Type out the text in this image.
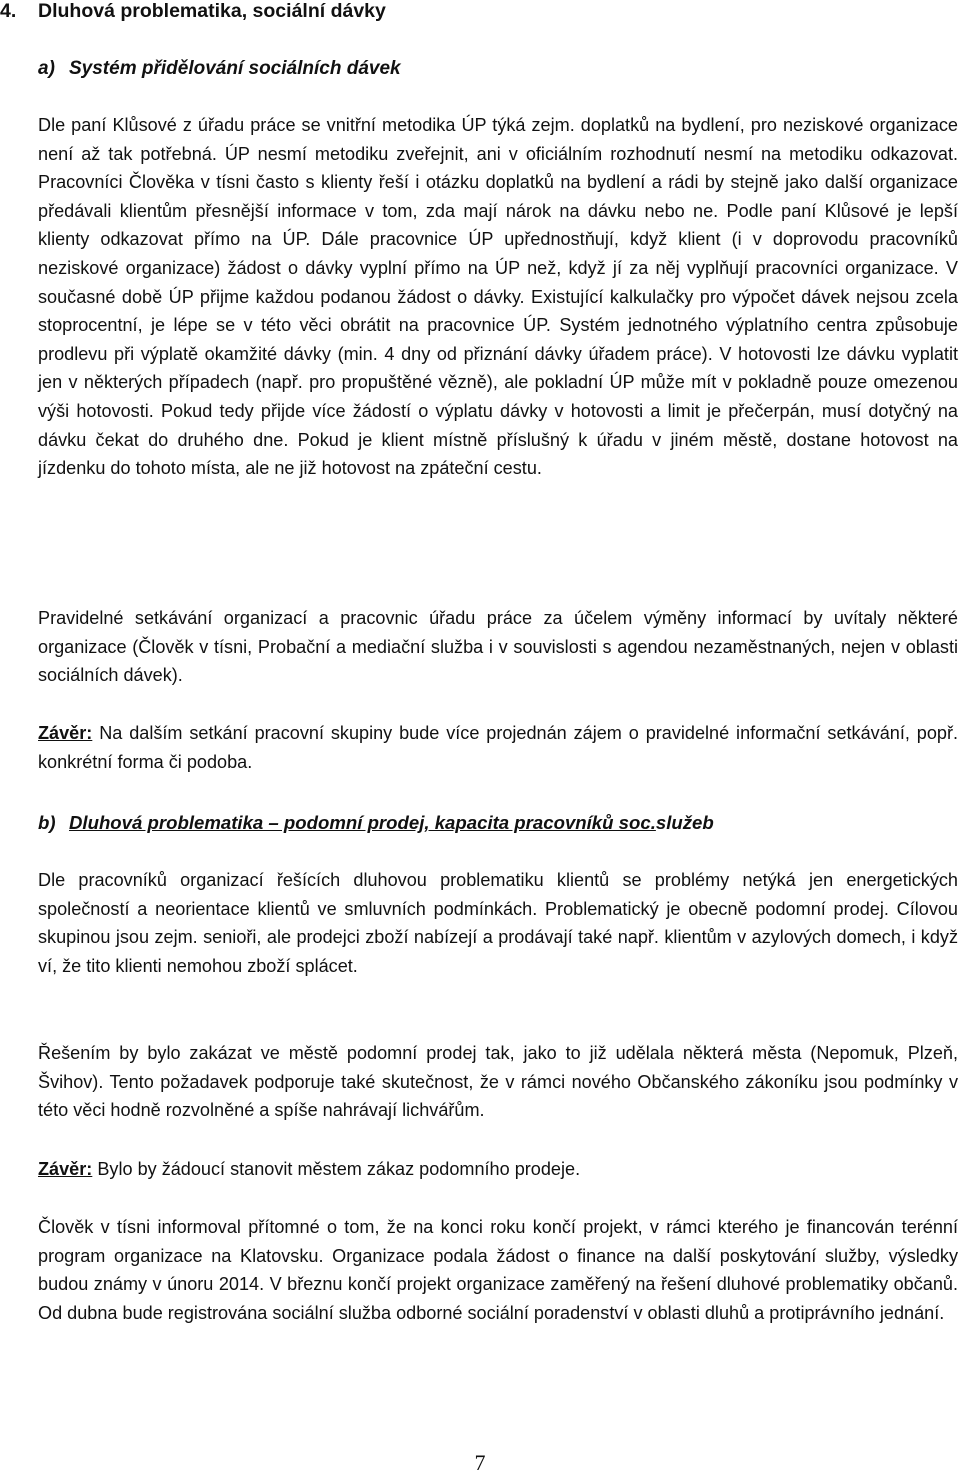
4. Dluhová problematika, sociální dávky
a) Systém přidělování sociálních dávek

Dle paní Klůsové z úřadu práce se vnitřní metodika ÚP týká zejm. doplatků na bydlení, pro neziskové organizace není až tak potřebná. ÚP nesmí metodiku zveřejnit, ani v oficiálním rozhodnutí nesmí na metodiku odkazovat. Pracovníci Člověka v tísni často s klienty řeší i otázku doplatků na bydlení a rádi by stejně jako další organizace předávali klientům přesnější informace v tom, zda mají nárok na dávku nebo ne. Podle paní Klůsové je lepší klienty odkazovat přímo na ÚP. Dále pracovnice ÚP upřednostňují, když klient (i v doprovodu pracovníků neziskové organizace) žádost o dávky vyplní přímo na ÚP než, když jí za něj vyplňují pracovníci organizace. V současné době ÚP přijme každou podanou žádost o dávky. Existující kalkulačky pro výpočet dávek nejsou zcela stoprocentní, je lépe se v této věci obrátit na pracovnice ÚP. Systém jednotného výplatního centra způsobuje prodlevu při výplatě okamžité dávky (min. 4 dny od přiznání dávky úřadem práce). V hotovosti lze dávku vyplatit jen v některých případech (např. pro propuštěné vězně), ale pokladní ÚP může mít v pokladně pouze omezenou výši hotovosti. Pokud tedy přijde více žádostí o výplatu dávky v hotovosti a limit je přečerpán, musí dotyčný na dávku čekat do druhého dne. Pokud je klient místně příslušný k úřadu v jiném městě, dostane hotovost na jízdenku do tohoto místa, ale ne již hotovost na zpáteční cestu.

Pravidelné setkávání organizací a pracovnic úřadu práce za účelem výměny informací by uvítaly některé organizace (Člověk v tísni, Probační a mediační služba i v souvislosti s agendou nezaměstnaných, nejen v oblasti sociálních dávek).

Závěr: Na dalším setkání pracovní skupiny bude více projednán zájem o pravidelné informační setkávání, popř. konkrétní forma či podoba.

b) Dluhová problematika – podomní prodej, kapacita pracovníků soc.služeb

Dle pracovníků organizací řešících dluhovou problematiku klientů se problémy netýká jen energetických společností a neorientace klientů ve smluvních podmínkách. Problematický je obecně podomní prodej. Cílovou skupinou jsou zejm. senioři, ale prodejci zboží nabízejí a prodávají také např. klientům v azylových domech, i když ví, že tito klienti nemohou zboží splácet.

Řešením by bylo zakázat ve městě podomní prodej tak, jako to již udělala některá města (Nepomuk, Plzeň, Švihov). Tento požadavek podporuje také skutečnost, že v rámci nového Občanského zákoníku jsou podmínky v této věci hodně rozvolněné a spíše nahrávají lichvářům.

Závěr: Bylo by žádoucí stanovit městem zákaz podomního prodeje.

Člověk v tísni informoval přítomné o tom, že na konci roku končí projekt, v rámci kterého je financován terénní program organizace na Klatovsku. Organizace podala žádost o finance na další poskytování služby, výsledky budou známy v únoru 2014. V březnu končí projekt organizace zaměřený na řešení dluhové problematiky občanů. Od dubna bude registrována sociální služba odborné sociální poradenství v oblasti dluhů a protiprávního jednání.

7
